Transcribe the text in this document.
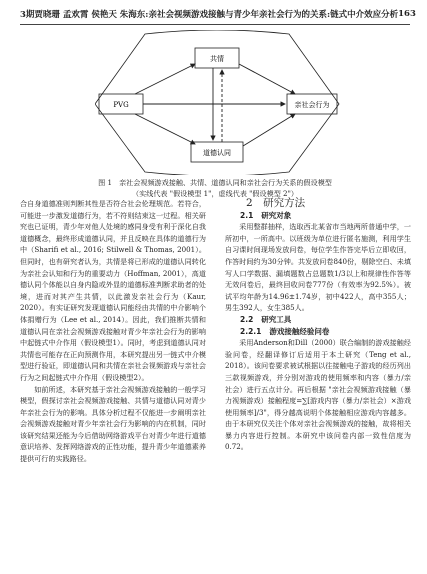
3期 贾晓珊 孟欢霄 侯艳天 朱海东:亲社会视频游戏接触与青少年亲社会行为的关系:链式中介效应分析 163
共情
PVG	亲社会行为
道德认同
图 1　亲社会视频游戏接触、共情、道德认同和亲社会行为关系的假设模型
（实线代表 "假设模型 1"，虚线代表 "假设模型 2"）

合自身道德准则判断其性是否符合社会伦理规范。若符合，可能进一步激发道德行为，若不符则结束这一过程。相关研究也已证明，青少年对他人处境的感同身受有利于深化自我道德概念，最终形成道德认同，并且反映在具体的道德行为中（Sharifi et al., 2016; Stilwell & Thomas, 2001）。但同时，也有研究者认为，共情是将已形成的道德认同转化为亲社会认知和行为的重要动力（Hoffman, 2001），高道德认同个体能以自身内隐或外显的道德标准判断求助者的处境，进而对其产生共情，以此激发亲社会行为（Kaur, 2020）。有实证研究发现道德认同能经由共情的中介影响个体捐赠行为（Lee et al., 2014）。因此，我们推断共情和道德认同在亲社会视频游戏接触对青少年亲社会行为的影响中起链式中介作用（假设模型1）。同时，考虑到道德认同对共情也可能存在正向预测作用，本研究提出另一链式中介模型进行验证，即道德认同和共情在亲社会视频游戏与亲社会行为之间起链式中介作用（假设模型2）。

如前所述，本研究基于亲社会视频游戏接触的一般学习模型，假探讨亲社会视频游戏接触、共情与道德认同对青少年亲社会行为的影响。具体分析过程不仅能进一步阐明亲社会视频游戏接触对青少年亲社会行为影响的内在机制，同时该研究结果还能为今后借助网络游戏平台对青少年进行道德意识培养、发挥网络游戏的正性功能，提升青少年道德素养提供可行的实践路径。

2　研究方法

2.1 研究对象

采用整群抽样，选取西北某省市当地两所普通中学，一所初中，一所高中。以班级为单位进行匿名施测，利用学生自习课时间现场发放问卷，每位学生作答完毕后立即收回，作答时间约为30分钟。共发放问卷840份，剔除空白、未填写人口学数据、漏填题数占总题数1/3以上和规律性作答等无效问卷后，最终回收问卷777份（有效率为92.5%）。被试平均年龄为14.96±1.74岁，初中422人，高中355人；男生392人，女生385人。

2.2 研究工具

2.2.1 游戏接触经验问卷

采用Anderson和Dill（2000）联合编制的游戏接触经验问卷，经翻译修订后适用于本土研究（Teng et al., 2018）。该问卷要求被试根据以往接触电子游戏的经历列出三款视频游戏，并分别对游戏的使用频率和内容（暴力/亲社会）进行五点计分。再后根据 "亲社会视频游戏接触（暴力视频游戏）接触程度=∑[游戏内容（暴力/亲社会）×游戏使用频率]/3"，得分越高说明个体接触相应游戏内容越多。由于本研究仅关注个体对亲社会视频游戏的接触，故将相关暴力内容进行控制。本研究中该问卷内部一致性信度为0.72。
